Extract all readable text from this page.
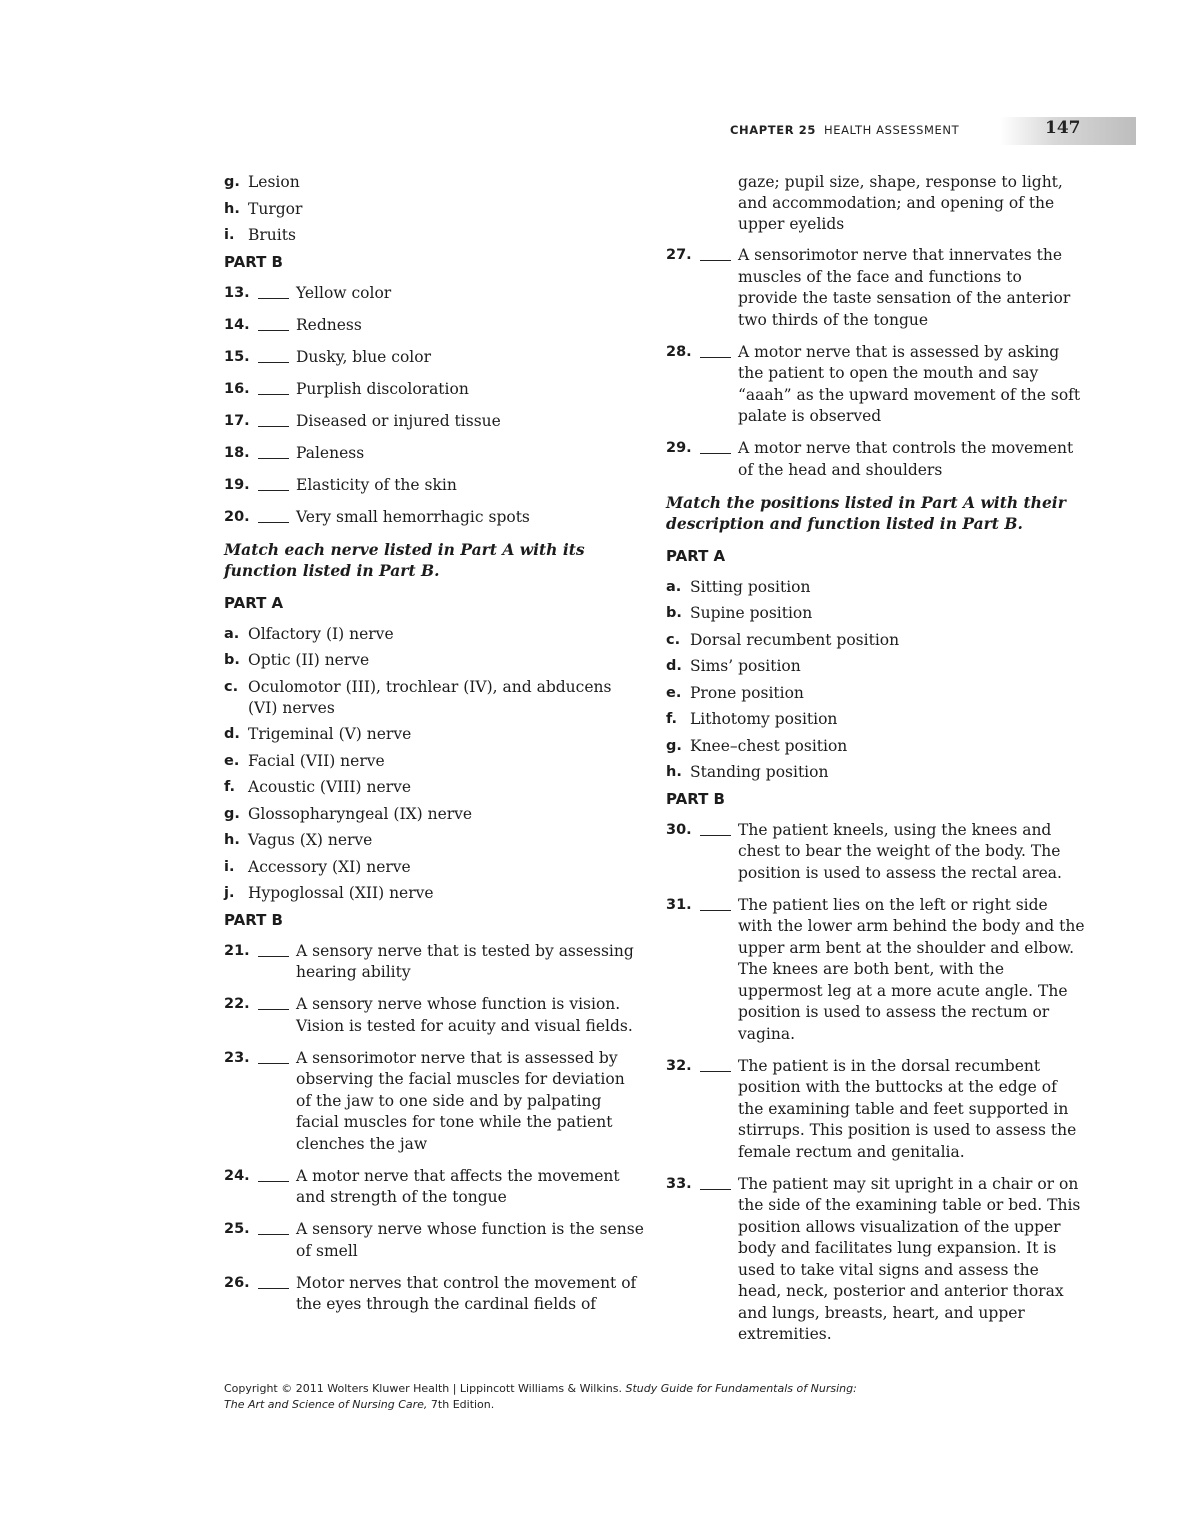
CHAPTER 25 HEALTH ASSESSMENT	147
g. Lesion
h. Turgor
i. Bruits
PART B
13.	Yellow color
14.	Redness
15.	Dusky, blue color
16.	Purplish discoloration
17.	Diseased or injured tissue
18.	Paleness
19.	Elasticity of the skin
20.	Very small hemorrhagic spots
Match each nerve listed in Part A with its function listed in Part B.
PART A
a. Olfactory (I) nerve
b. Optic (II) nerve
c. Oculomotor (III), trochlear (IV), and abducens (VI) nerves
d. Trigeminal (V) nerve
e. Facial (VII) nerve
f. Acoustic (VIII) nerve
g. Glossopharyngeal (IX) nerve
h. Vagus (X) nerve
i. Accessory (XI) nerve
j. Hypoglossal (XII) nerve
PART B
21.	A sensory nerve that is tested by assessing hearing ability
22.	A sensory nerve whose function is vision. Vision is tested for acuity and visual fields.
23.	A sensorimotor nerve that is assessed by observing the facial muscles for deviation of the jaw to one side and by palpating facial muscles for tone while the patient clenches the jaw
24.	A motor nerve that affects the movement and strength of the tongue
25.	A sensory nerve whose function is the sense of smell
26.	Motor nerves that control the movement of the eyes through the cardinal fields of
gaze; pupil size, shape, response to light, and accommodation; and opening of the upper eyelids
27.	A sensorimotor nerve that innervates the muscles of the face and functions to provide the taste sensation of the anterior two thirds of the tongue
28.	A motor nerve that is assessed by asking the patient to open the mouth and say “aaah” as the upward movement of the soft palate is observed
29.	A motor nerve that controls the movement of the head and shoulders
Match the positions listed in Part A with their description and function listed in Part B.
PART A
a. Sitting position
b. Supine position
c. Dorsal recumbent position
d. Sims’ position
e. Prone position
f. Lithotomy position
g. Knee–chest position
h. Standing position
PART B
30.	The patient kneels, using the knees and chest to bear the weight of the body. The position is used to assess the rectal area.
31.	The patient lies on the left or right side with the lower arm behind the body and the upper arm bent at the shoulder and elbow. The knees are both bent, with the uppermost leg at a more acute angle. The position is used to assess the rectum or vagina.
32.	The patient is in the dorsal recumbent position with the buttocks at the edge of the examining table and feet supported in stirrups. This position is used to assess the female rectum and genitalia.
33.	The patient may sit upright in a chair or on the side of the examining table or bed. This position allows visualization of the upper body and facilitates lung expansion. It is used to take vital signs and assess the head, neck, posterior and anterior thorax and lungs, breasts, heart, and upper extremities.
Copyright © 2011 Wolters Kluwer Health | Lippincott Williams & Wilkins. Study Guide for Fundamentals of Nursing:
The Art and Science of Nursing Care, 7th Edition.
